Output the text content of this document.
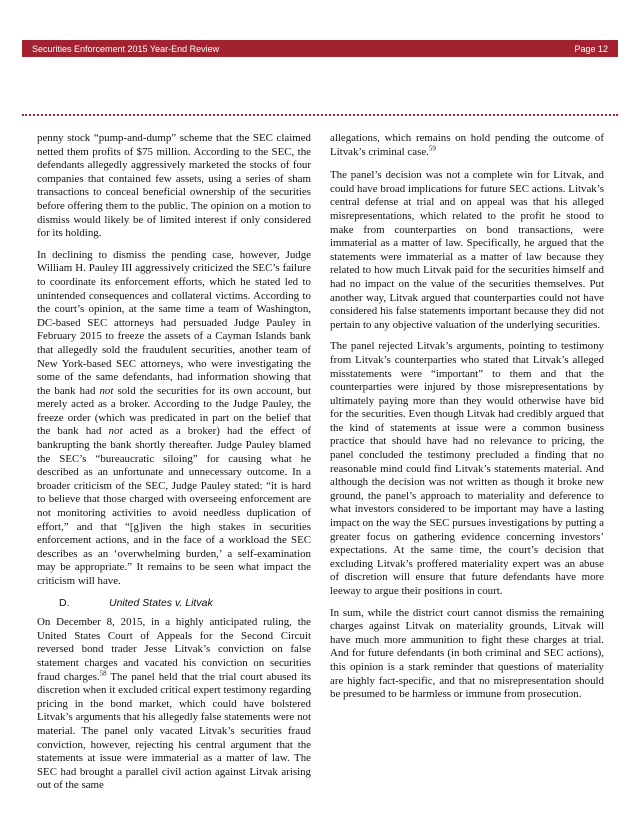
Securities Enforcement 2015 Year-End Review	Page 12

penny stock “pump-and-dump” scheme that the SEC claimed netted them profits of $75 million. According to the SEC, the defendants allegedly aggressively marketed the stocks of four companies that contained few assets, using a series of sham transactions to conceal beneficial ownership of the securities before offering them to the public. The opinion on a motion to dismiss would likely be of limited interest if only considered for its holding.

In declining to dismiss the pending case, however, Judge William H. Pauley III aggressively criticized the SEC’s failure to coordinate its enforcement efforts, which he stated led to unintended consequences and collateral victims. According to the court’s opinion, at the same time a team of Washington, DC-based SEC attorneys had persuaded Judge Pauley in February 2015 to freeze the assets of a Cayman Islands bank that allegedly sold the fraudulent securities, another team of New York-based SEC attorneys, who were investigating the some of the same defendants, had information showing that the bank had not sold the securities for its own account, but merely acted as a broker. According to the Judge Pauley, the freeze order (which was predicated in part on the belief that the bank had not acted as a broker) had the effect of bankrupting the bank shortly thereafter. Judge Pauley blamed the SEC’s “bureaucratic siloing” for causing what he described as an unfortunate and unnecessary outcome. In a broader criticism of the SEC, Judge Pauley stated: “it is hard to believe that those charged with overseeing enforcement are not monitoring activities to avoid needless duplication of effort,” and that “[g]iven the high stakes in securities enforcement actions, and in the face of a workload the SEC describes as an ‘overwhelming burden,’ a self-examination may be appropriate.” It remains to be seen what impact the criticism will have.

D.	United States v. Litvak

On December 8, 2015, in a highly anticipated ruling, the United States Court of Appeals for the Second Circuit reversed bond trader Jesse Litvak’s conviction on false statement charges and vacated his conviction on securities fraud charges.$^{58}$ The panel held that the trial court abused its discretion when it excluded critical expert testimony regarding pricing in the bond market, which could have bolstered Litvak’s arguments that his allegedly false statements were not material. The panel only vacated Litvak’s securities fraud conviction, however, rejecting his central argument that the statements at issue were immaterial as a matter of law. The SEC had brought a parallel civil action against Litvak arising out of the same

allegations, which remains on hold pending the outcome of Litvak’s criminal case.$^{59}$

The panel’s decision was not a complete win for Litvak, and could have broad implications for future SEC actions. Litvak’s central defense at trial and on appeal was that his alleged misrepresentations, which related to the profit he stood to make from counterparties on bond transactions, were immaterial as a matter of law. Specifically, he argued that the statements were immaterial as a matter of law because they related to how much Litvak paid for the securities himself and had no impact on the value of the securities themselves. Put another way, Litvak argued that counterparties could not have considered his false statements important because they did not pertain to any objective valuation of the underlying securities.

The panel rejected Litvak’s arguments, pointing to testimony from Litvak’s counterparties who stated that Litvak’s alleged misstatements were “important” to them and that the counterparties were injured by those misrepresentations by ultimately paying more than they would otherwise have bid for the securities. Even though Litvak had credibly argued that the kind of statements at issue were a common business practice that should have had no relevance to pricing, the panel concluded the testimony precluded a finding that no reasonable mind could find Litvak’s statements material. And although the decision was not written as though it broke new ground, the panel’s approach to materiality and deference to what investors considered to be important may have a lasting impact on the way the SEC pursues investigations by putting a greater focus on gathering evidence concerning investors’ expectations. At the same time, the court’s decision that excluding Litvak’s proffered materiality expert was an abuse of discretion will ensure that future defendants have more leeway to argue their positions in court.

In sum, while the district court cannot dismiss the remaining charges against Litvak on materiality grounds, Litvak will have much more ammunition to fight these charges at trial. And for future defendants (in both criminal and SEC actions), this opinion is a stark reminder that questions of materiality are highly fact-specific, and that no misrepresentation should be presumed to be harmless or immune from prosecution.
